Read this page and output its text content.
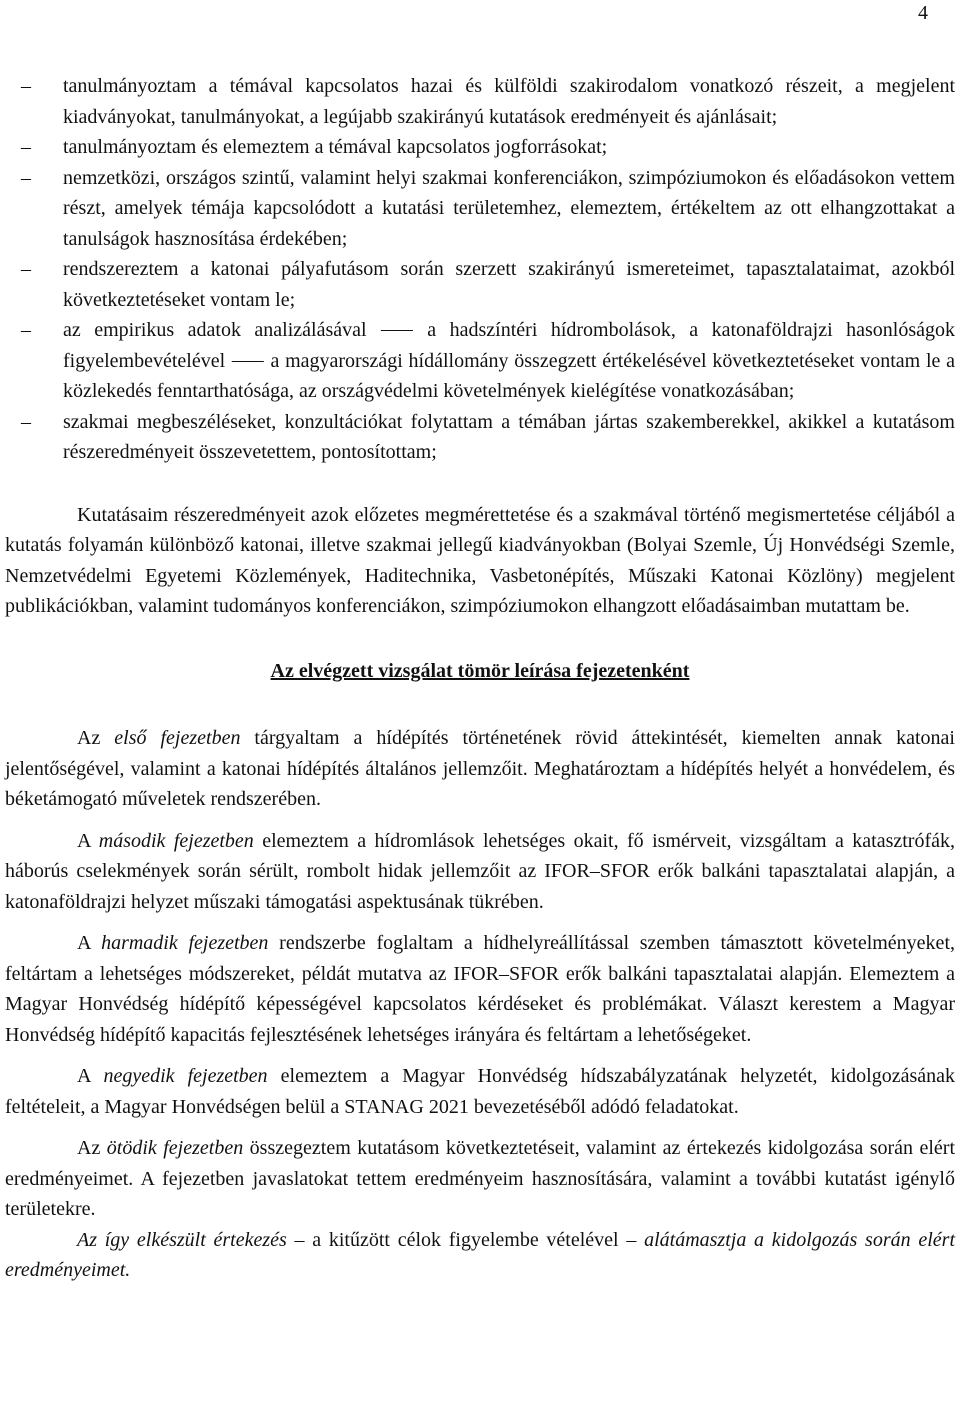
4
– tanulmányoztam a témával kapcsolatos hazai és külföldi szakirodalom vonatkozó részeit, a megjelent kiadványokat, tanulmányokat, a legújabb szakirányú kutatások eredményeit és ajánlásait;
– tanulmányoztam és elemeztem a témával kapcsolatos jogforrásokat;
– nemzetközi, országos szintű, valamint helyi szakmai konferenciákon, szimpóziumokon és előadásokon vettem részt, amelyek témája kapcsolódott a kutatási területemhez, elemeztem, értékeltem az ott elhangzottakat a tanulságok hasznosítása érdekében;
– rendszereztem a katonai pályafutásom során szerzett szakirányú ismereteimet, tapasztalataimat, azokból következtetéseket vontam le;
– az empirikus adatok analizálásával ⸺ a hadszíntéri hídrombolások, a katonaföldrajzi hasonlóságok figyelembevételével ⸺ a magyarországi hídállomány összegzett értékelésével következtetéseket vontam le a közlekedés fenntarthatósága, az országvédelmi követelmények kielégítése vonatkozásában;
– szakmai megbeszéléseket, konzultációkat folytattam a témában jártas szakemberekkel, akikkel a kutatásom részeredményeit összevetettem, pontosítottam;

Kutatásaim részeredményeit azok előzetes megmérettetése és a szakmával történő megismertetése céljából a kutatás folyamán különböző katonai, illetve szakmai jellegű kiadványokban (Bolyai Szemle, Új Honvédségi Szemle, Nemzetvédelmi Egyetemi Közlemények, Haditechnika, Vasbetonépítés, Műszaki Katonai Közlöny) megjelent publikációkban, valamint tudományos konferenciákon, szimpóziumokon elhangzott előadásaimban mutattam be.

Az elvégzett vizsgálat tömör leírása fejezetenként

Az első fejezetben tárgyaltam a hídépítés történetének rövid áttekintését, kiemelten annak katonai jelentőségével, valamint a katonai hídépítés általános jellemzőit. Meghatároztam a hídépítés helyét a honvédelem, és béketámogató műveletek rendszerében.

A második fejezetben elemeztem a hídromlások lehetséges okait, fő ismérveit, vizsgáltam a katasztrófák, háborús cselekmények során sérült, rombolt hidak jellemzőit az IFOR–SFOR erők balkáni tapasztalatai alapján, a katonaföldrajzi helyzet műszaki támogatási aspektusának tükrében.

A harmadik fejezetben rendszerbe foglaltam a hídhelyreállítással szemben támasztott követelményeket, feltártam a lehetséges módszereket, példát mutatva az IFOR–SFOR erők balkáni tapasztalatai alapján. Elemeztem a Magyar Honvédség hídépítő képességével kapcsolatos kérdéseket és problémákat. Választ kerestem a Magyar Honvédség hídépítő kapacitás fejlesztésének lehetséges irányára és feltártam a lehetőségeket.

A negyedik fejezetben elemeztem a Magyar Honvédség hídszabályzatának helyzetét, kidolgozásának feltételeit, a Magyar Honvédségen belül a STANAG 2021 bevezetéséből adódó feladatokat.

Az ötödik fejezetben összegeztem kutatásom következtetéseit, valamint az értekezés kidolgozása során elért eredményeimet. A fejezetben javaslatokat tettem eredményeim hasznosítására, valamint a további kutatást igénylő területekre.

Az így elkészült értekezés – a kitűzött célok figyelembe vételével – alátámasztja a kidolgozás során elért eredményeimet.
